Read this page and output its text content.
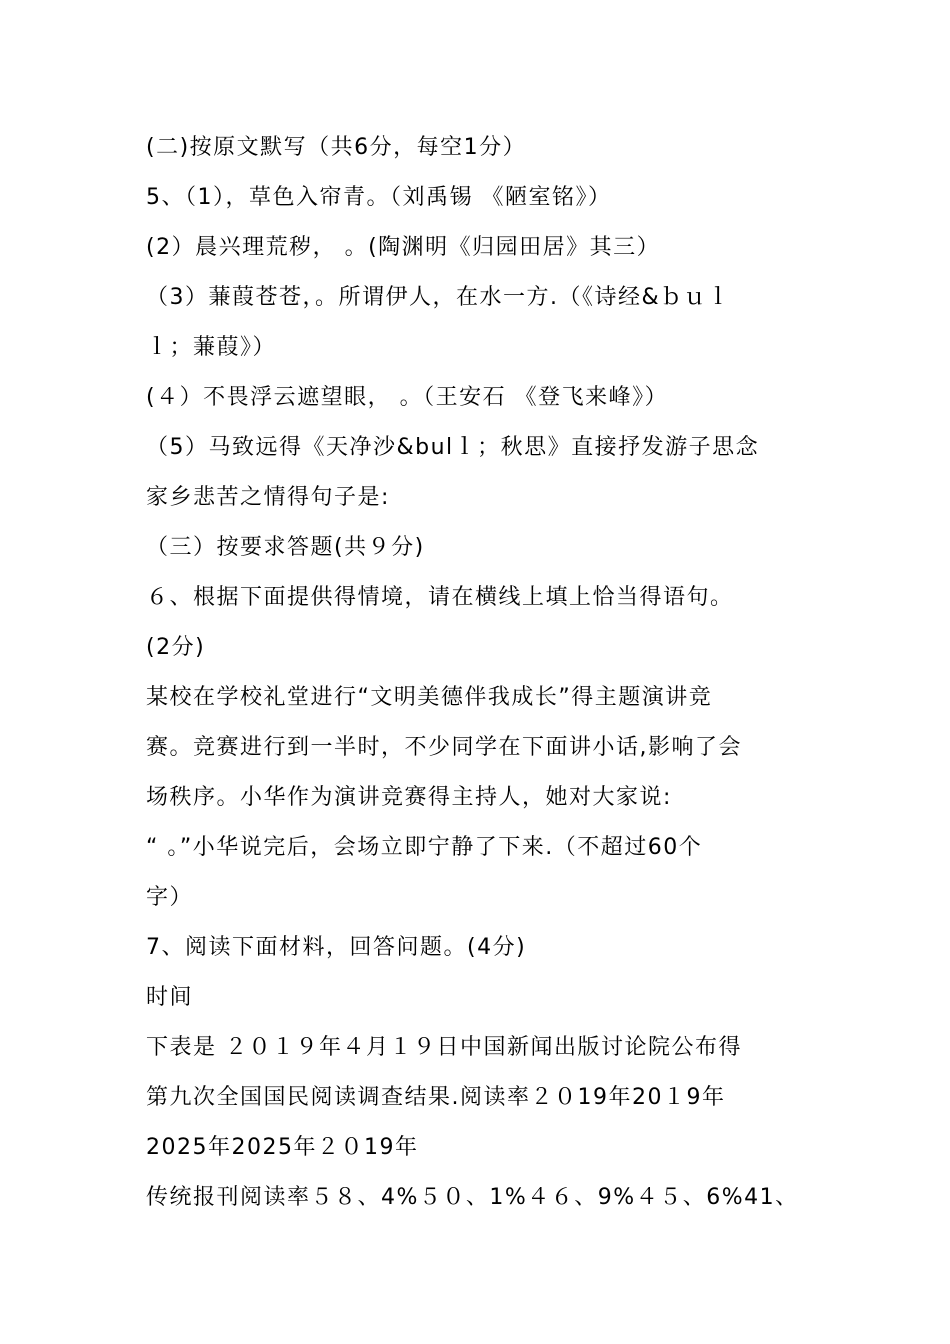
(二)按原文默写（共6分，每空1分）
5、（1），草色入帘青。（刘禹锡 《陋室铭》）
(2）晨兴理荒秽， 。(陶渊明《归园田居》其三）
（3）蒹葭苍苍，。所谓伊人，在水一方.（《诗经&ｂｕｌ
ｌ；蒹葭》）
(４）不畏浮云遮望眼， 。（王安石 《登飞来峰》）
（5）马致远得《天净沙&bulｌ；秋思》直接抒发游子思念
家乡悲苦之情得句子是:
（三）按要求答题(共９分)
６、根据下面提供得情境，请在横线上填上恰当得语句。
(2分)
某校在学校礼堂进行“文明美德伴我成长”得主题演讲竞
赛。竞赛进行到一半时，不少同学在下面讲小话,影响了会
场秩序。小华作为演讲竞赛得主持人，她对大家说:
“ 。”小华说完后，会场立即宁静了下来.（不超过60个
字）
7、阅读下面材料，回答问题。(4分)
时间
下表是 ２０１９年４月１９日中国新闻出版讨论院公布得
第九次全国国民阅读调查结果.阅读率２０19年20１9年
2025年2025年２０19年
传统报刊阅读率５８、4%５０、1%４６、9%４５、6%41、
